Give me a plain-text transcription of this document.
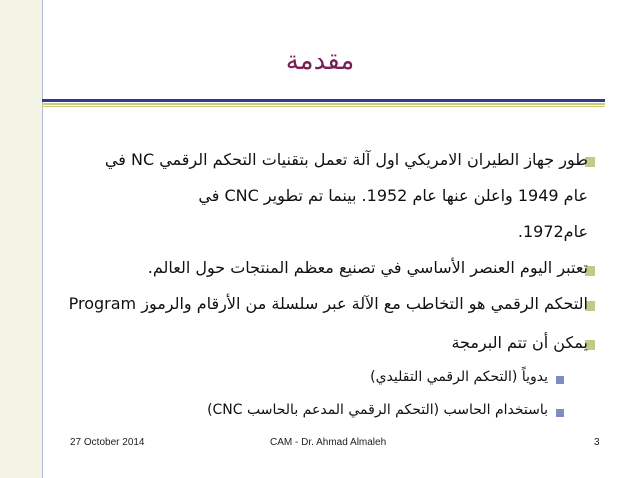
مقدمة
طور جهاز الطيران الامريكي اول آلة تعمل بتقنيات التحكم الرقمي NC في
عام 1949 واعلن عنها عام 1952. بينما تم تطوير CNC في
عام1972.
تعتبر اليوم العنصر الأساسي في تصنيع معظم المنتجات حول العالم.
التحكم الرقمي هو التخاطب مع الآلة عبر سلسلة من الأرقام والرموز Program
يمكن أن تتم البرمجة
يدوياً (التحكم الرقمي التقليدي)
باستخدام الحاسب (التحكم الرقمي المدعم بالحاسب CNC)
27 October 2014	CAM - Dr. Ahmad Almaleh	3
